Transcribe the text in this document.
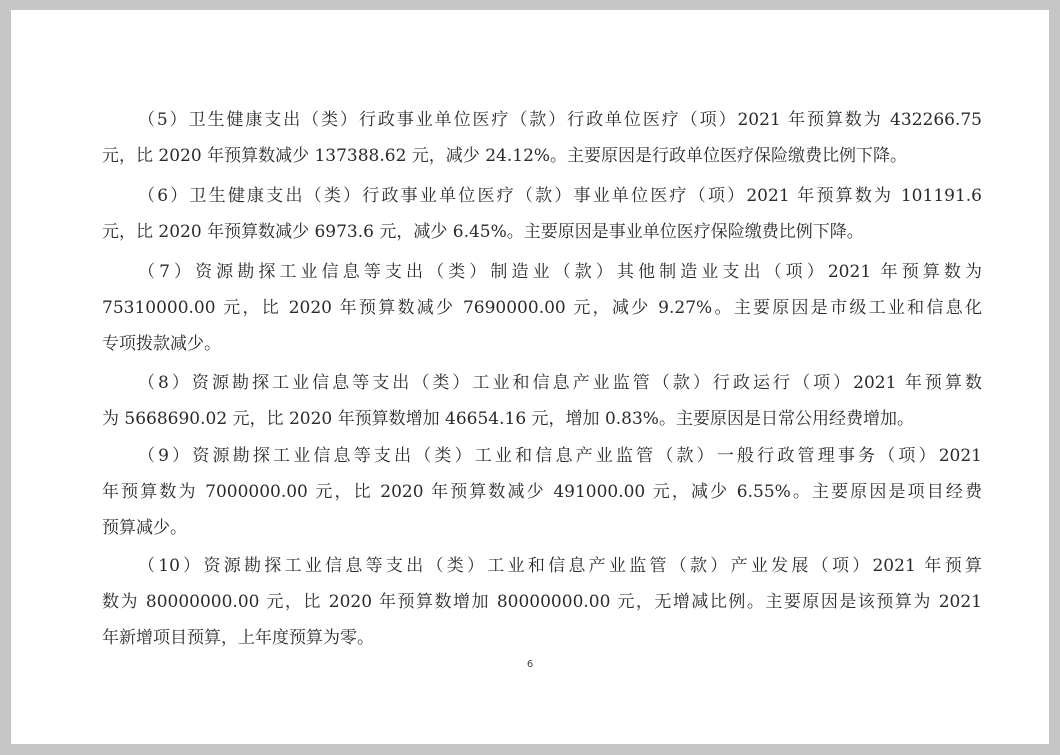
（5）卫生健康支出（类）行政事业单位医疗（款）行政单位医疗（项）2021 年预算数为 432266.75
元，比 2020 年预算数减少 137388.62 元，减少 24.12%。主要原因是行政单位医疗保险缴费比例下降。
（6）卫生健康支出（类）行政事业单位医疗（款）事业单位医疗（项）2021 年预算数为 101191.6
元，比 2020 年预算数减少 6973.6 元，减少 6.45%。主要原因是事业单位医疗保险缴费比例下降。
（7）资源勘探工业信息等支出（类）制造业（款）其他制造业支出（项）2021 年预算数为
75310000.00 元，比 2020 年预算数减少 7690000.00 元，减少 9.27%。主要原因是市级工业和信息化
专项拨款减少。
（8）资源勘探工业信息等支出（类）工业和信息产业监管（款）行政运行（项）2021 年预算数
为 5668690.02 元，比 2020 年预算数增加 46654.16 元，增加 0.83%。主要原因是日常公用经费增加。
（9）资源勘探工业信息等支出（类）工业和信息产业监管（款）一般行政管理事务（项）2021
年预算数为 7000000.00 元，比 2020 年预算数减少 491000.00 元，减少 6.55%。主要原因是项目经费
预算减少。
（10）资源勘探工业信息等支出（类）工业和信息产业监管（款）产业发展（项）2021 年预算
数为 80000000.00 元，比 2020 年预算数增加 80000000.00 元，无增减比例。主要原因是该预算为 2021
年新增项目预算，上年度预算为零。
6
